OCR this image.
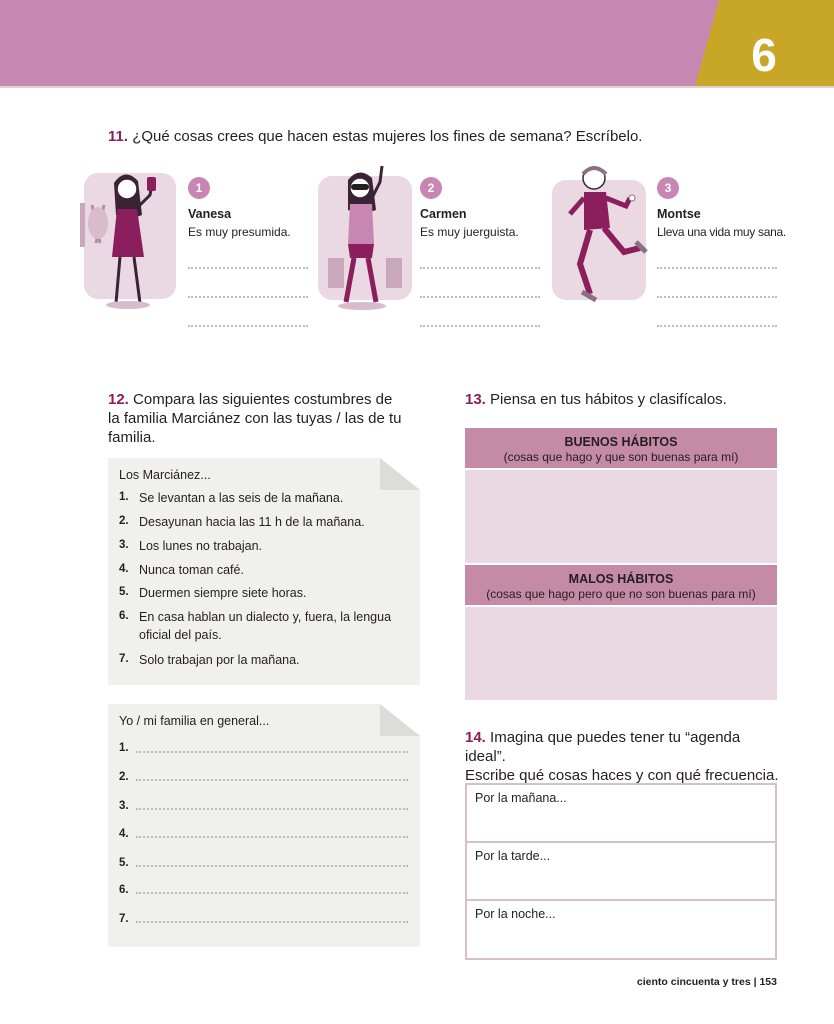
6
11. ¿Qué cosas crees que hacen estas mujeres los fines de semana? Escríbelo.
1
Vanesa
Es muy presumida.
2
Carmen
Es muy juerguista.
3
Montse
Lleva una vida muy sana.
12. Compara las siguientes costumbres de
la familia Marciánez con las tuyas / las de tu
familia.
Los Marciánez...
1. Se levantan a las seis de la mañana.
2. Desayunan hacia las 11 h de la mañana.
3. Los lunes no trabajan.
4. Nunca toman café.
5. Duermen siempre siete horas.
6. En casa hablan un dialecto y, fuera, la lengua oficial del país.
7. Solo trabajan por la mañana.
Yo / mi familia en general...
1.
2.
3.
4.
5.
6.
7.
13. Piensa en tus hábitos y clasifícalos.
BUENOS HÁBITOS
(cosas que hago y que son buenas para mí)
MALOS HÁBITOS
(cosas que hago pero que no son buenas para mí)
14. Imagina que puedes tener tu “agenda ideal”.
Escribe qué cosas haces y con qué frecuencia.
Por la mañana...
Por la tarde...
Por la noche...
ciento cincuenta y tres | 153
